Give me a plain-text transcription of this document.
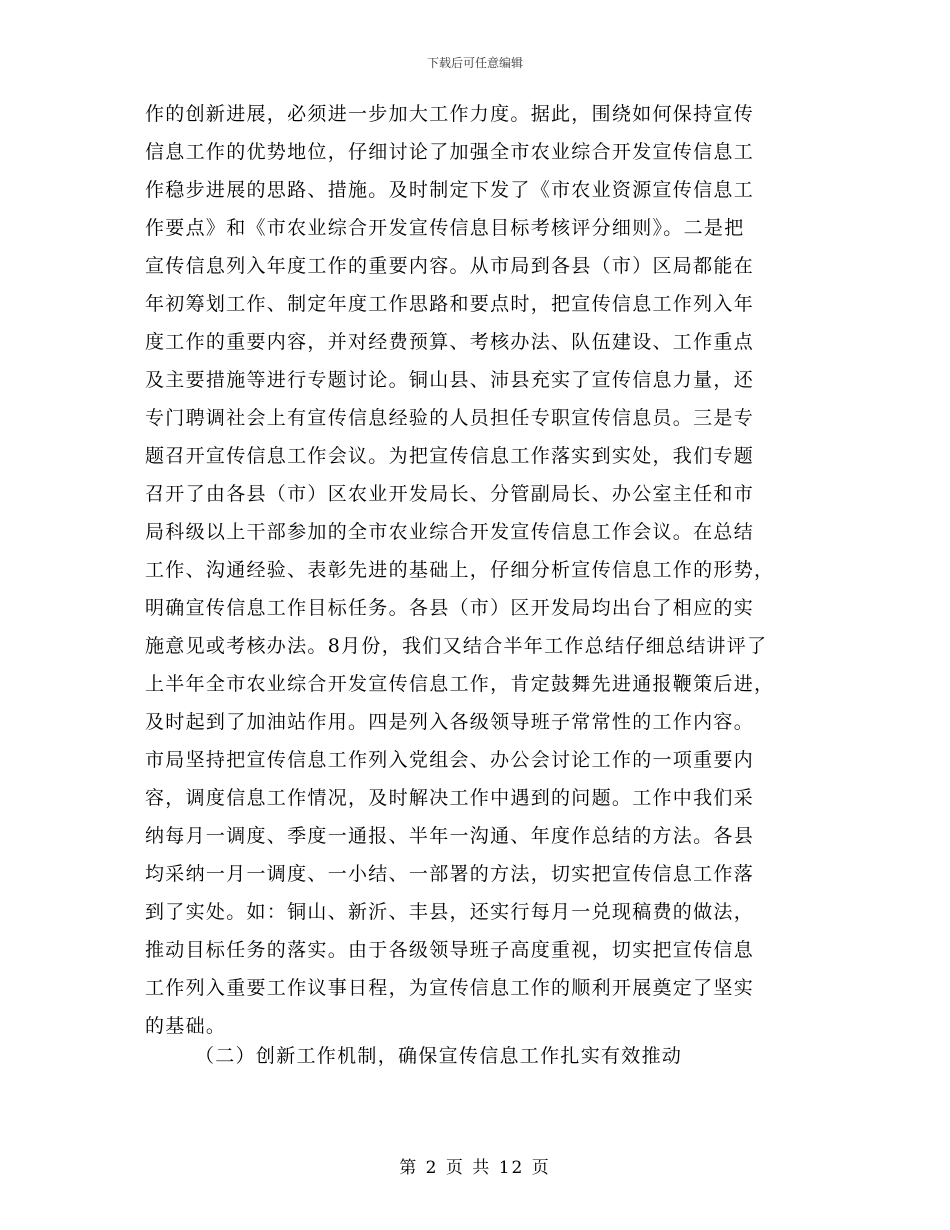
下载后可任意编辑
作的创新进展，必须进一步加大工作力度。据此，围绕如何保持宣传
信息工作的优势地位，仔细讨论了加强全市农业综合开发宣传信息工
作稳步进展的思路、措施。及时制定下发了《市农业资源宣传信息工
作要点》和《市农业综合开发宣传信息目标考核评分细则》。二是把
宣传信息列入年度工作的重要内容。从市局到各县（市）区局都能在
年初筹划工作、制定年度工作思路和要点时，把宣传信息工作列入年
度工作的重要内容，并对经费预算、考核办法、队伍建设、工作重点
及主要措施等进行专题讨论。铜山县、沛县充实了宣传信息力量，还
专门聘调社会上有宣传信息经验的人员担任专职宣传信息员。三是专
题召开宣传信息工作会议。为把宣传信息工作落实到实处，我们专题
召开了由各县（市）区农业开发局长、分管副局长、办公室主任和市
局科级以上干部参加的全市农业综合开发宣传信息工作会议。在总结
工作、沟通经验、表彰先进的基础上，仔细分析宣传信息工作的形势，
明确宣传信息工作目标任务。各县（市）区开发局均出台了相应的实
施意见或考核办法。8月份，我们又结合半年工作总结仔细总结讲评了
上半年全市农业综合开发宣传信息工作，肯定鼓舞先进通报鞭策后进，
及时起到了加油站作用。四是列入各级领导班子常常性的工作内容。
市局坚持把宣传信息工作列入党组会、办公会讨论工作的一项重要内
容，调度信息工作情况，及时解决工作中遇到的问题。工作中我们采
纳每月一调度、季度一通报、半年一沟通、年度作总结的方法。各县
均采纳一月一调度、一小结、一部署的方法，切实把宣传信息工作落
到了实处。如：铜山、新沂、丰县，还实行每月一兑现稿费的做法，
推动目标任务的落实。由于各级领导班子高度重视，切实把宣传信息
工作列入重要工作议事日程，为宣传信息工作的顺利开展奠定了坚实
的基础。
（二）创新工作机制，确保宣传信息工作扎实有效推动
第 2 页 共 12 页
